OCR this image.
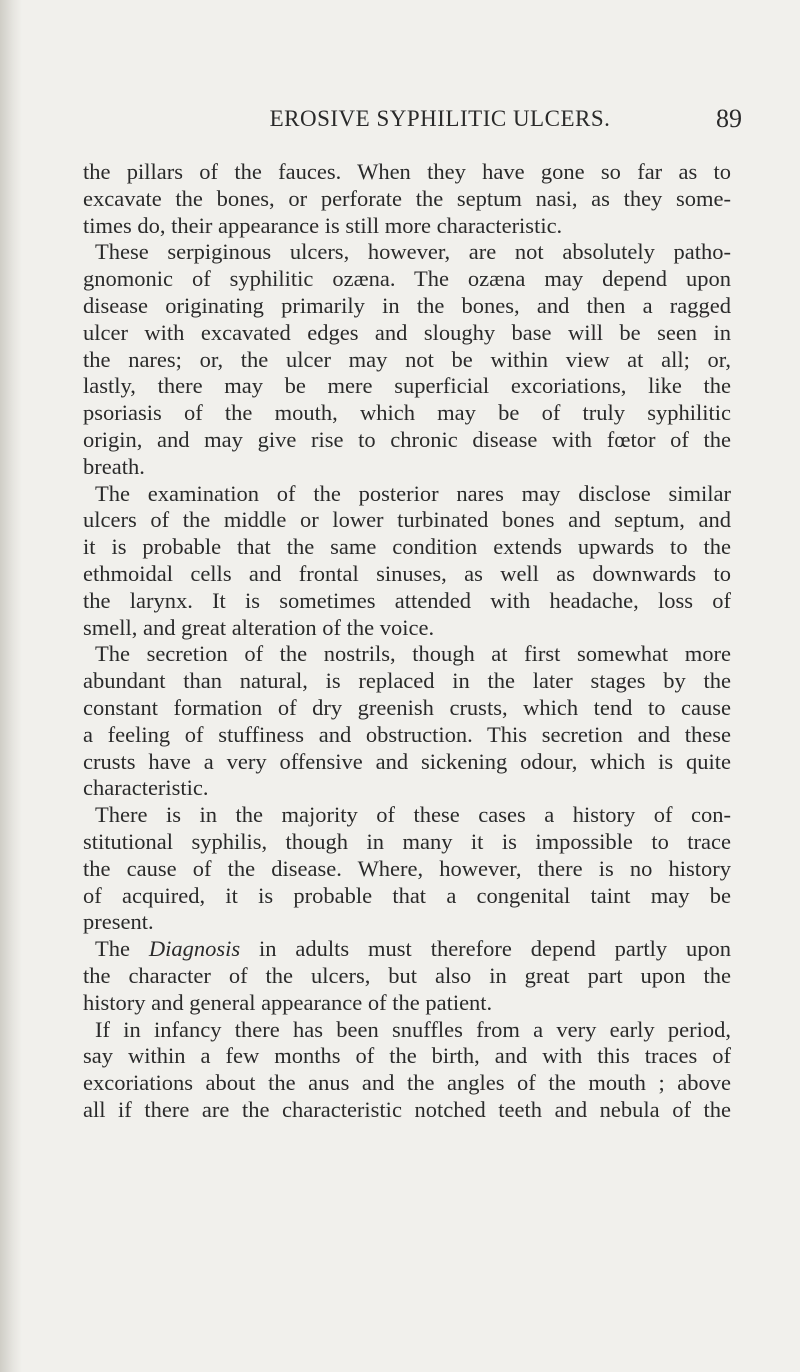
EROSIVE SYPHILITIC ULCERS.	89
the pillars of the fauces. When they have gone so far as to
excavate the bones, or perforate the septum nasi, as they some-
times do, their appearance is still more characteristic.
These serpiginous ulcers, however, are not absolutely patho-
gnomonic of syphilitic ozæna. The ozæna may depend upon
disease originating primarily in the bones, and then a ragged
ulcer with excavated edges and sloughy base will be seen in
the nares; or, the ulcer may not be within view at all; or,
lastly, there may be mere superficial excoriations, like the
psoriasis of the mouth, which may be of truly syphilitic
origin, and may give rise to chronic disease with fœtor of the
breath.
The examination of the posterior nares may disclose similar
ulcers of the middle or lower turbinated bones and septum, and
it is probable that the same condition extends upwards to the
ethmoidal cells and frontal sinuses, as well as downwards to
the larynx. It is sometimes attended with headache, loss of
smell, and great alteration of the voice.
The secretion of the nostrils, though at first somewhat more
abundant than natural, is replaced in the later stages by the
constant formation of dry greenish crusts, which tend to cause
a feeling of stuffiness and obstruction. This secretion and these
crusts have a very offensive and sickening odour, which is quite
characteristic.
There is in the majority of these cases a history of con-
stitutional syphilis, though in many it is impossible to trace
the cause of the disease. Where, however, there is no history
of acquired, it is probable that a congenital taint may be
present.
The Diagnosis in adults must therefore depend partly upon
the character of the ulcers, but also in great part upon the
history and general appearance of the patient.
If in infancy there has been snuffles from a very early period,
say within a few months of the birth, and with this traces of
excoriations about the anus and the angles of the mouth ; above
all if there are the characteristic notched teeth and nebula of the
